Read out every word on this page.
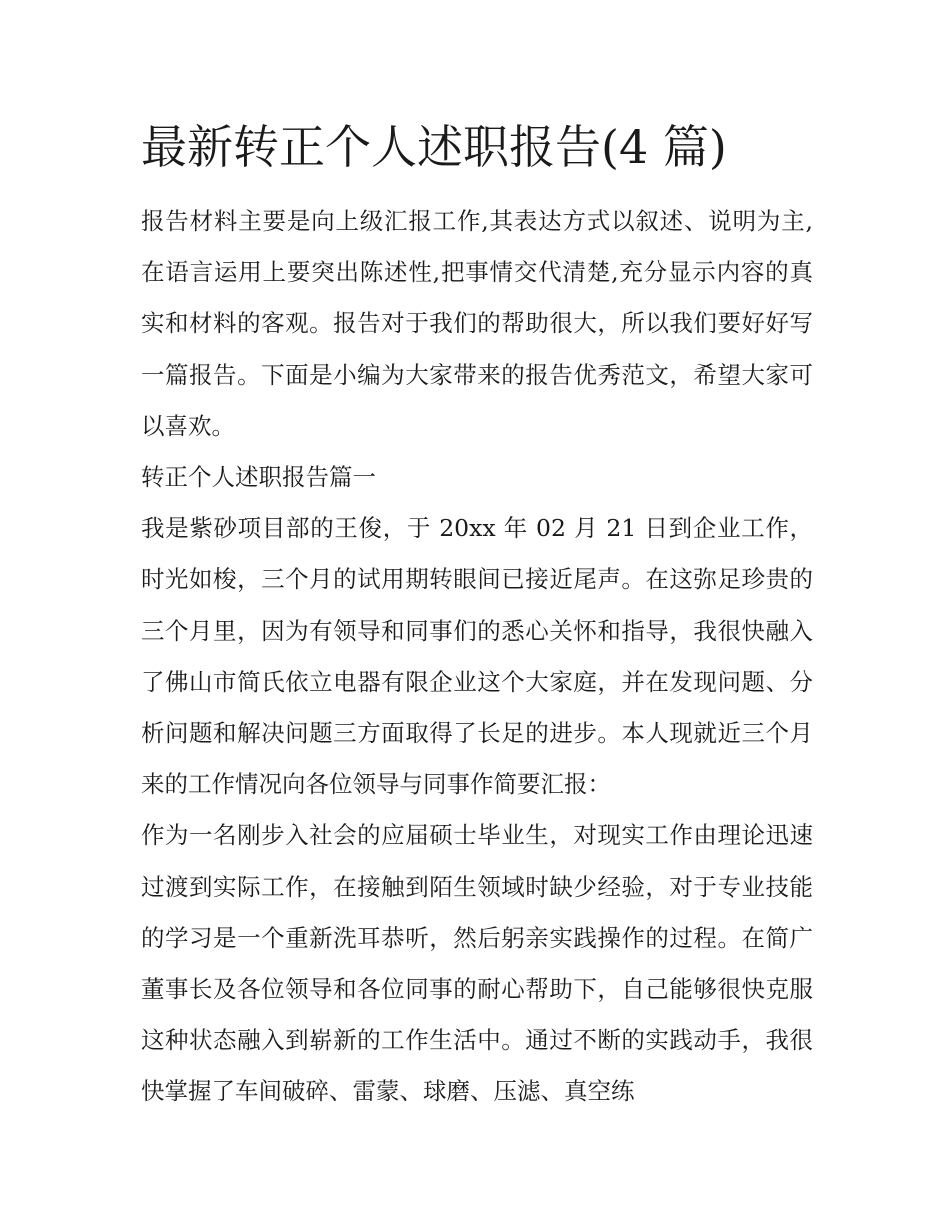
最新转正个人述职报告(4 篇)

报告材料主要是向上级汇报工作,其表达方式以叙述、说明为主,在语言运用上要突出陈述性,把事情交代清楚,充分显示内容的真实和材料的客观。报告对于我们的帮助很大，所以我们要好好写一篇报告。下面是小编为大家带来的报告优秀范文，希望大家可以喜欢。

转正个人述职报告篇一

我是紫砂项目部的王俊，于 20xx 年 02 月 21 日到企业工作，时光如梭，三个月的试用期转眼间已接近尾声。在这弥足珍贵的三个月里，因为有领导和同事们的悉心关怀和指导，我很快融入了佛山市简氏依立电器有限企业这个大家庭，并在发现问题、分析问题和解决问题三方面取得了长足的进步。本人现就近三个月来的工作情况向各位领导与同事作简要汇报：

作为一名刚步入社会的应届硕士毕业生，对现实工作由理论迅速过渡到实际工作，在接触到陌生领域时缺少经验，对于专业技能的学习是一个重新洗耳恭听，然后躬亲实践操作的过程。在简广董事长及各位领导和各位同事的耐心帮助下，自己能够很快克服这种状态融入到崭新的工作生活中。通过不断的实践动手，我很快掌握了车间破碎、雷蒙、球磨、压滤、真空练
